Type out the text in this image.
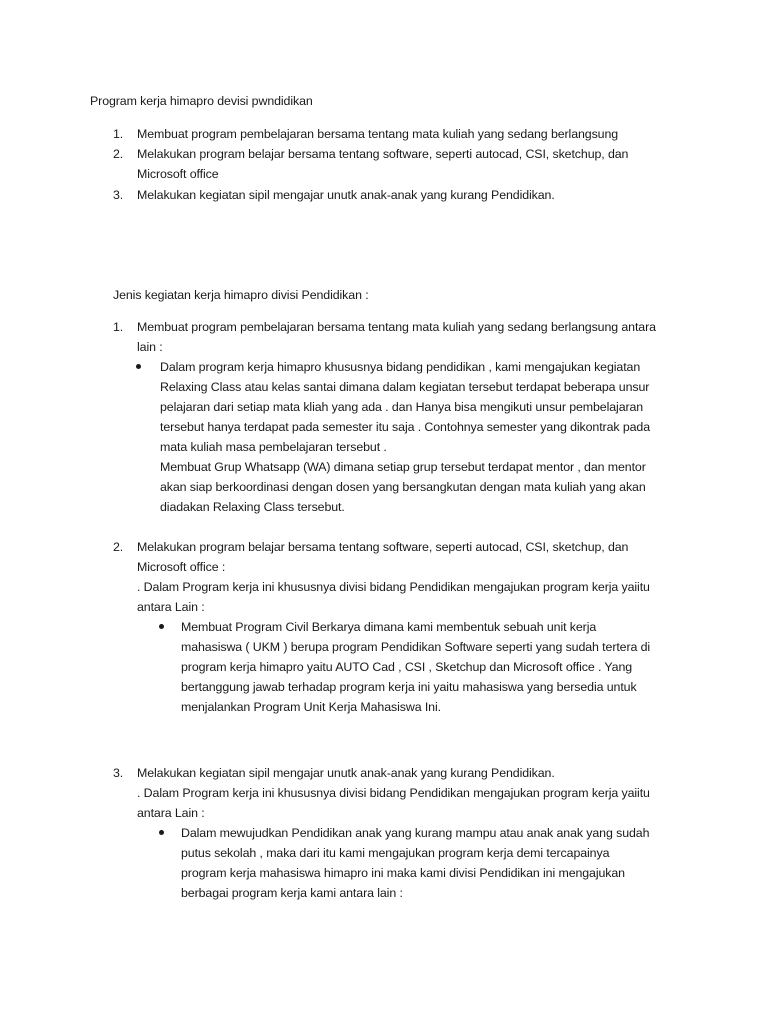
Program kerja himapro devisi pwndidikan
1. Membuat program pembelajaran bersama tentang mata kuliah yang sedang berlangsung
2. Melakukan program belajar bersama tentang software, seperti autocad, CSI, sketchup, dan
Microsoft office
3. Melakukan kegiatan sipil mengajar unutk anak-anak yang kurang Pendidikan.
Jenis kegiatan kerja himapro divisi Pendidikan :
1. Membuat program pembelajaran bersama tentang mata kuliah yang sedang berlangsung antara
lain :
Dalam program kerja himapro khususnya bidang pendidikan , kami mengajukan kegiatan
Relaxing Class atau kelas santai dimana dalam kegiatan tersebut terdapat beberapa unsur
pelajaran dari setiap mata kliah yang ada . dan Hanya bisa mengikuti unsur pembelajaran
tersebut hanya terdapat pada semester itu saja . Contohnya semester yang dikontrak pada
mata kuliah masa pembelajaran tersebut .
Membuat Grup Whatsapp (WA) dimana setiap grup tersebut terdapat mentor , dan mentor
akan siap berkoordinasi dengan dosen yang bersangkutan dengan mata kuliah yang akan
diadakan Relaxing Class tersebut.
2. Melakukan program belajar bersama tentang software, seperti autocad, CSI, sketchup, dan
Microsoft office :
. Dalam Program kerja ini khususnya divisi bidang Pendidikan mengajukan program kerja yaiitu
antara Lain :
Membuat Program Civil Berkarya dimana kami membentuk sebuah unit kerja
mahasiswa ( UKM ) berupa program Pendidikan Software seperti yang sudah tertera di
program kerja himapro yaitu AUTO Cad , CSI , Sketchup dan Microsoft office . Yang
bertanggung jawab terhadap program kerja ini yaitu mahasiswa yang bersedia untuk
menjalankan Program Unit Kerja Mahasiswa Ini.
3. Melakukan kegiatan sipil mengajar unutk anak-anak yang kurang Pendidikan.
. Dalam Program kerja ini khususnya divisi bidang Pendidikan mengajukan program kerja yaiitu
antara Lain :
Dalam mewujudkan Pendidikan anak yang kurang mampu atau anak anak yang sudah
putus sekolah , maka dari itu kami mengajukan program kerja demi tercapainya
program kerja mahasiswa himapro ini maka kami divisi Pendidikan ini mengajukan
berbagai program kerja kami antara lain :
